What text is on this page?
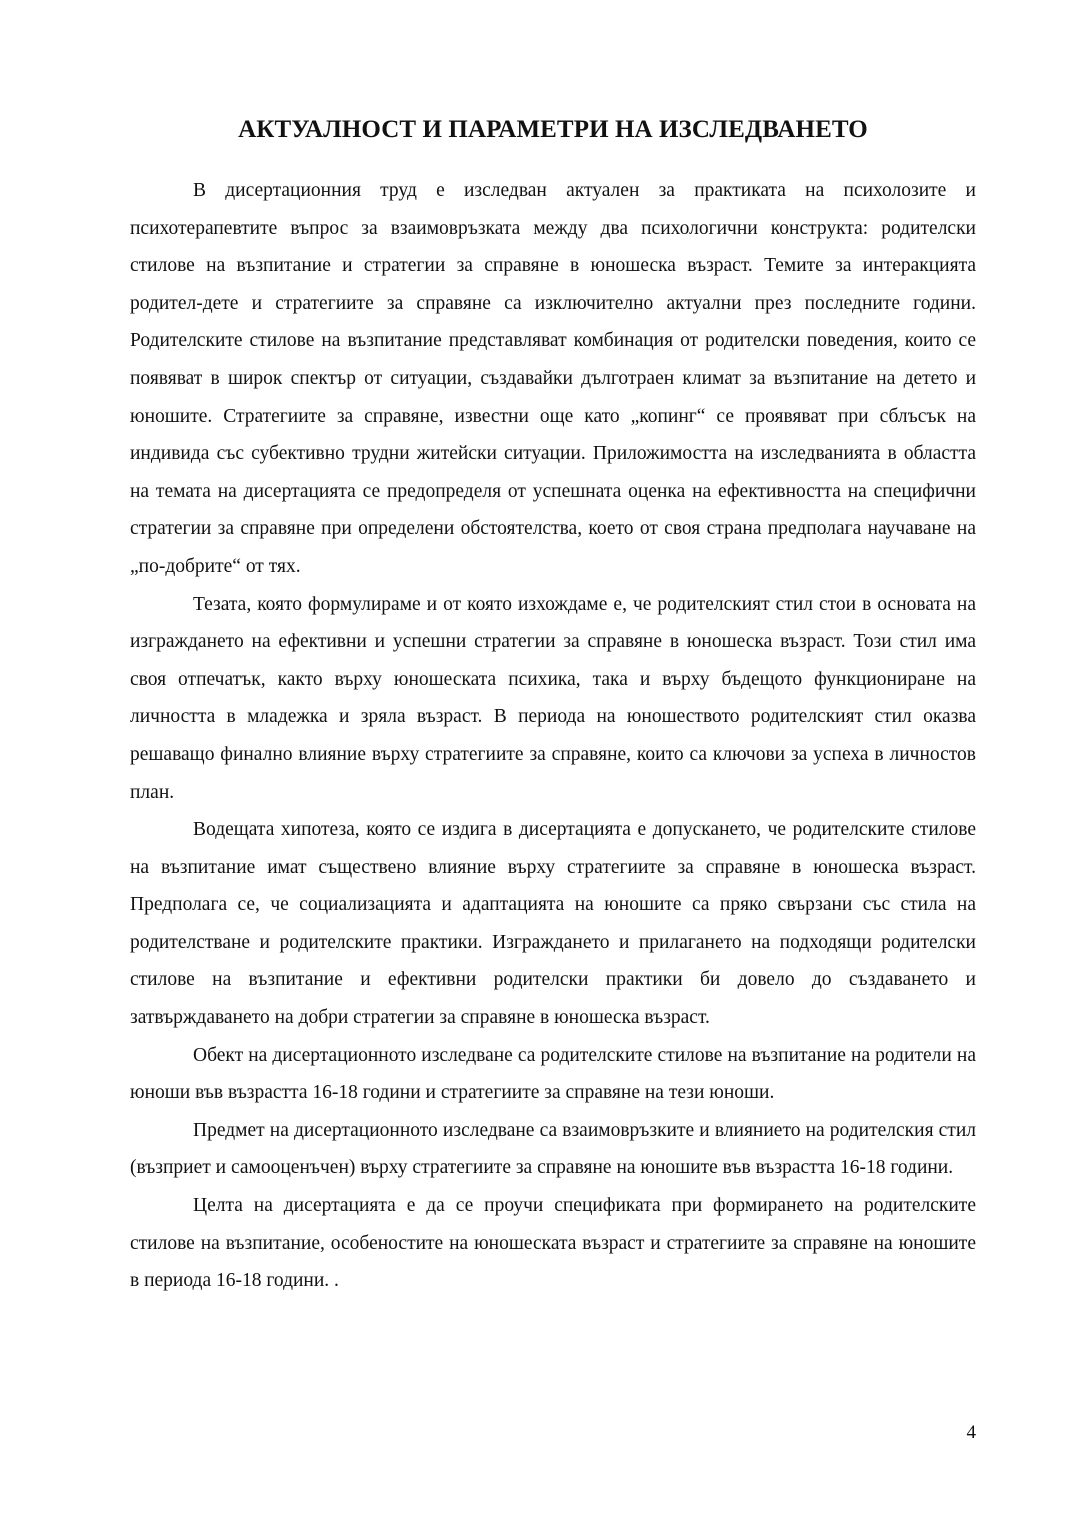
АКТУАЛНОСТ И ПАРАМЕТРИ НА ИЗСЛЕДВАНЕТО

В дисертационния труд е изследван актуален за практиката на психолозите и психотерапевтите въпрос за взаимовръзката между два психологични конструкта: родителски стилове на възпитание и стратегии за справяне в юношеска възраст. Темите за интеракцията родител-дете и стратегиите за справяне са изключително актуални през последните години. Родителските стилове на възпитание представляват комбинация от родителски поведения, които се появяват в широк спектър от ситуации, създавайки дълготраен климат за възпитание на детето и юношите. Стратегиите за справяне, известни още като „копинг“ се проявяват при сблъсък на индивида със субективно трудни житейски ситуации. Приложимостта на изследванията в областта на темата на дисертацията се предопределя от успешната оценка на ефективността на специфични стратегии за справяне при определени обстоятелства, което от своя страна предполага научаване на „по-добрите“ от тях.

Тезата, която формулираме и от която изхождаме е, че родителският стил стои в основата на изграждането на ефективни и успешни стратегии за справяне в юношеска възраст. Този стил има своя отпечатък, както върху юношеската психика, така и върху бъдещото функциониране на личността в младежка и зряла възраст. В периода на юношеството родителският стил оказва решаващо финално влияние върху стратегиите за справяне, които са ключови за успеха в личностов план.

Водещата хипотеза, която се издига в дисертацията е допускането, че родителските стилове на възпитание имат съществено влияние върху стратегиите за справяне в юношеска възраст. Предполага се, че социализацията и адаптацията на юношите са пряко свързани със стила на родителстване и родителските практики. Изграждането и прилагането на подходящи родителски стилове на възпитание и ефективни родителски практики би довело до създаването и затвърждаването на добри стратегии за справяне в юношеска възраст.

Обект на дисертационното изследване са родителските стилове на възпитание на родители на юноши във възрастта 16-18 години и стратегиите за справяне на тези юноши.

Предмет на дисертационното изследване са взаимовръзките и влиянието на родителския стил (възприет и самооценъчен) върху стратегиите за справяне на юношите във възрастта 16-18 години.

Целта на дисертацията е да се проучи спецификата при формирането на родителските стилове на възпитание, особеностите на юношеската възраст и стратегиите за справяне на юношите в периода 16-18 години. .

4
